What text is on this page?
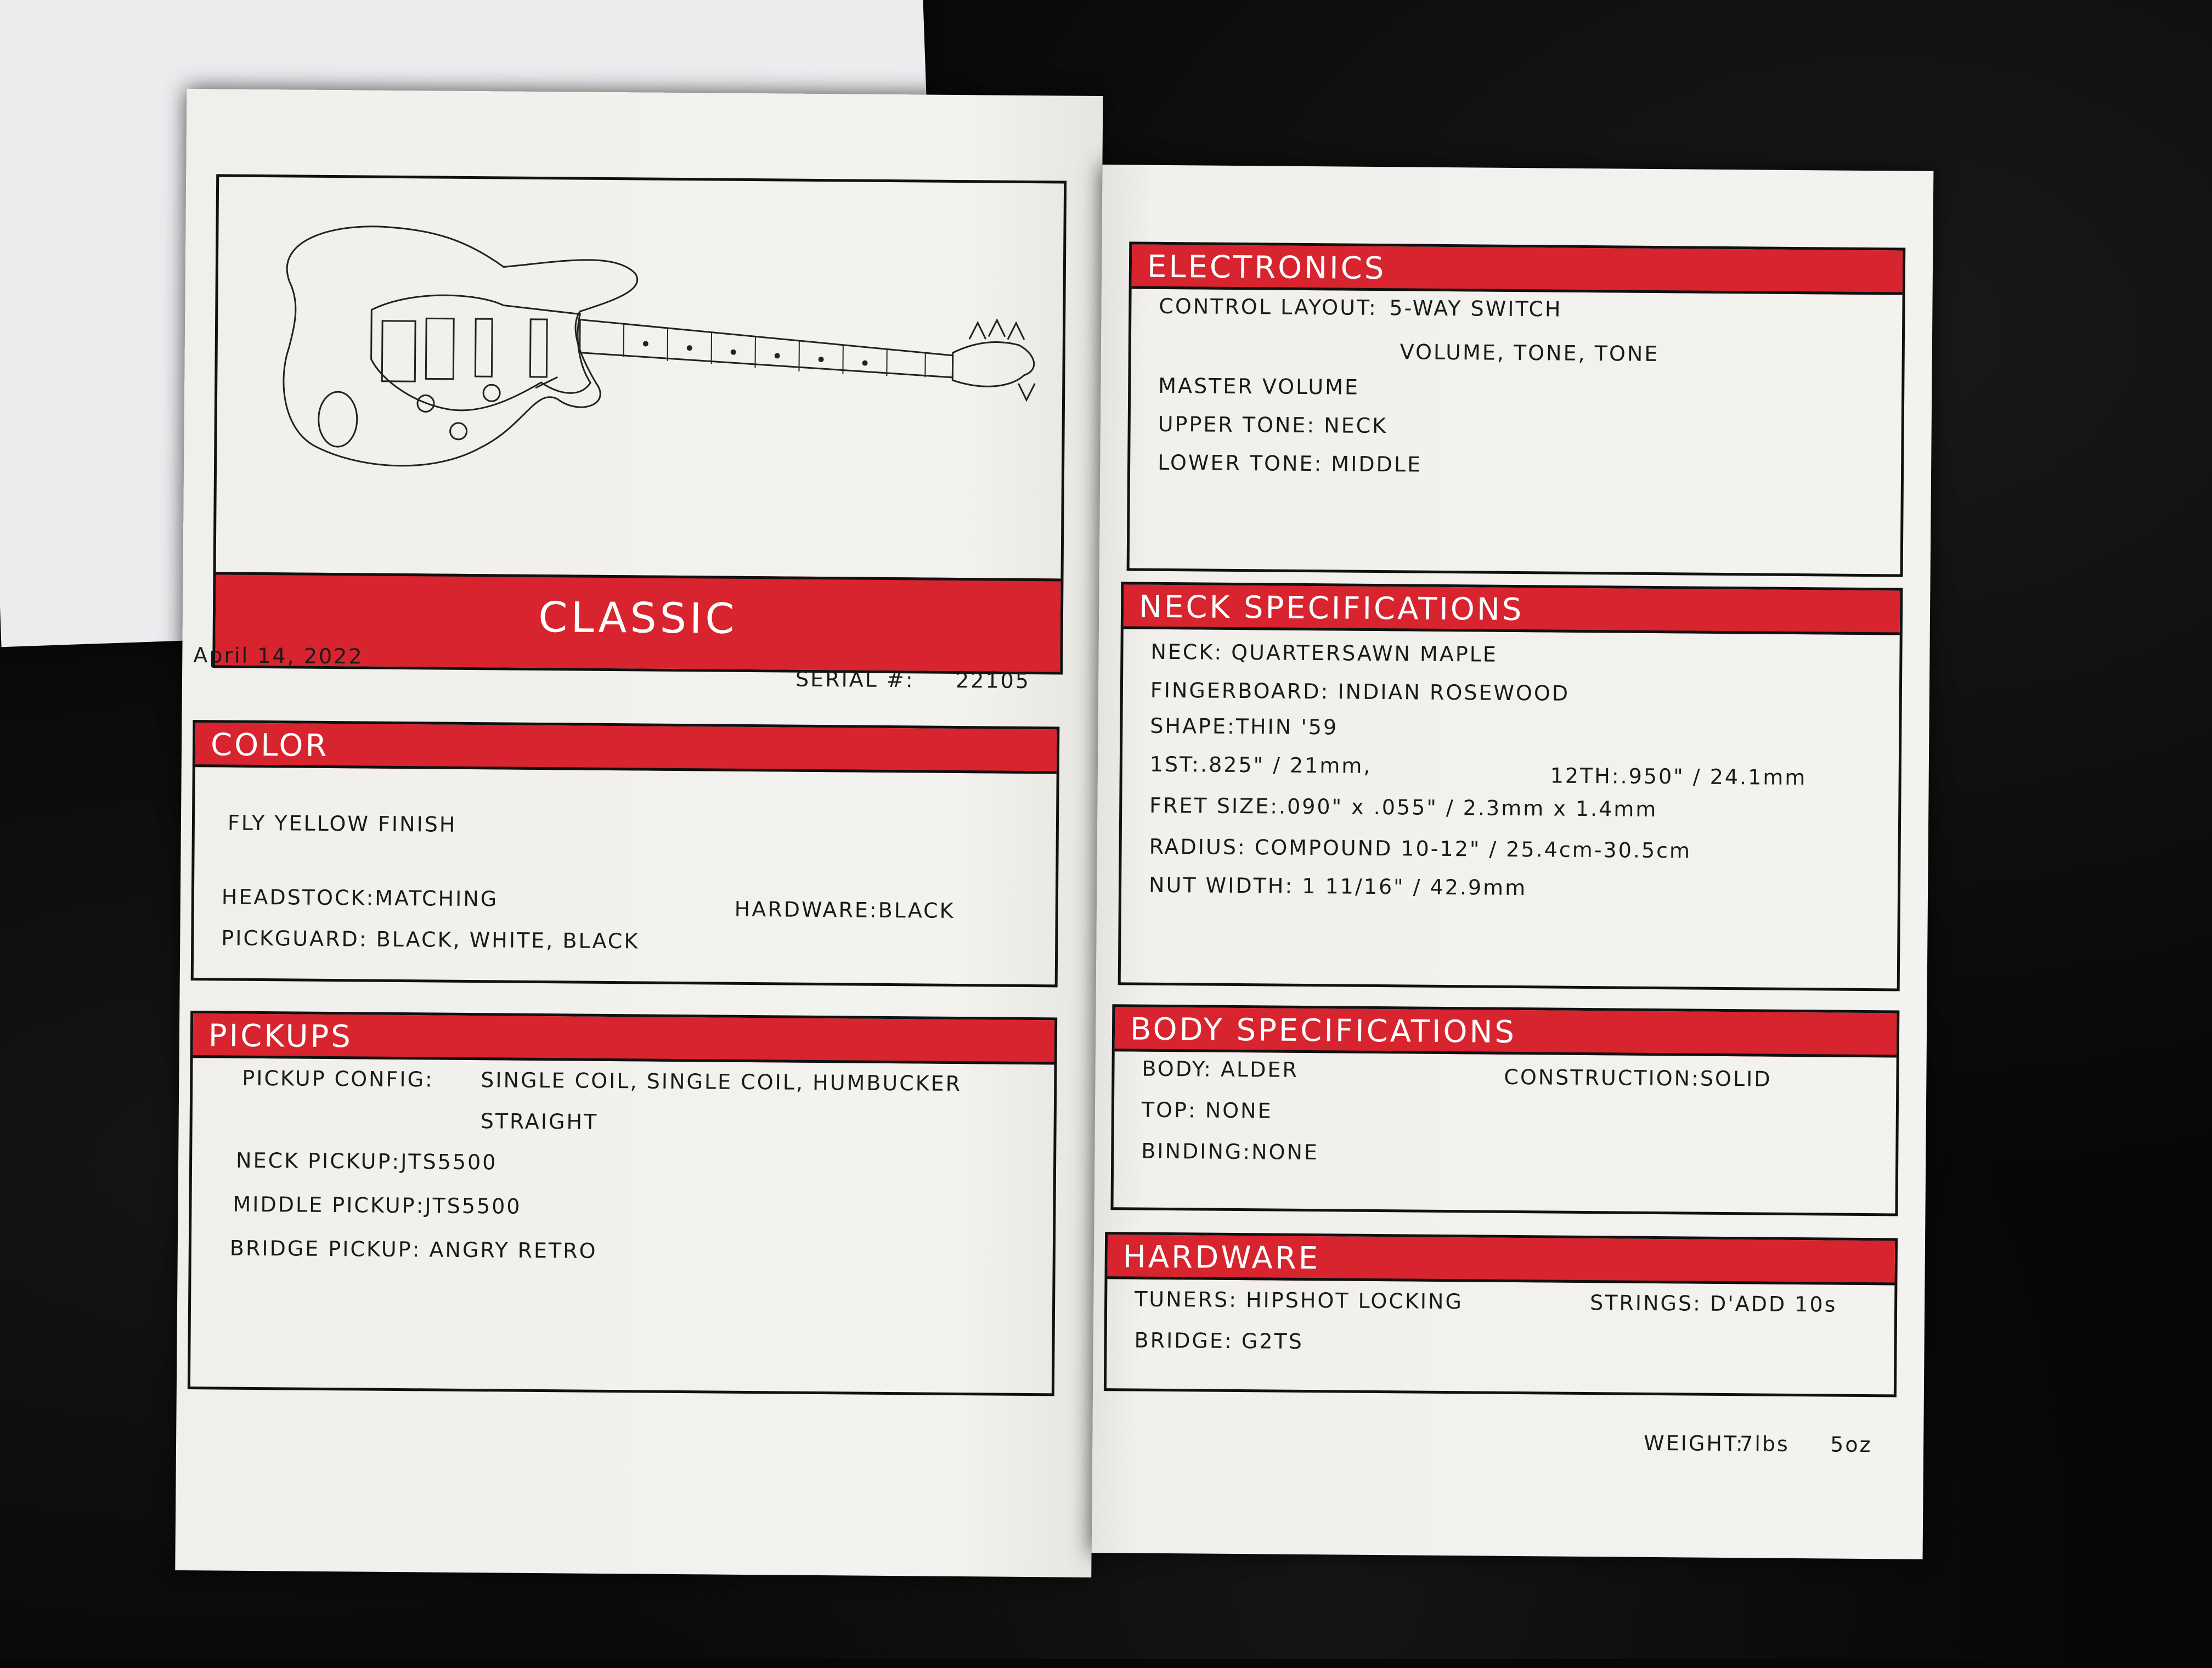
CLASSIC
April 14, 2022
SERIAL #: 22105
COLOR
FLY YELLOW FINISH
HEADSTOCK:MATCHING	HARDWARE:BLACK
PICKGUARD: BLACK, WHITE, BLACK
PICKUPS
PICKUP CONFIG: SINGLE COIL, SINGLE COIL, HUMBUCKER
STRAIGHT
NECK PICKUP:JTS5500
MIDDLE PICKUP:JTS5500
BRIDGE PICKUP: ANGRY RETRO
ELECTRONICS
CONTROL LAYOUT: 5-WAY SWITCH
VOLUME, TONE, TONE
MASTER VOLUME
UPPER TONE: NECK
LOWER TONE: MIDDLE
NECK SPECIFICATIONS
NECK: QUARTERSAWN MAPLE
FINGERBOARD: INDIAN ROSEWOOD
SHAPE:THIN '59
1ST:.825" / 21mm,	12TH:.950" / 24.1mm
FRET SIZE:.090" x .055" / 2.3mm x 1.4mm
RADIUS: COMPOUND 10-12" / 25.4cm-30.5cm
NUT WIDTH: 1 11/16" / 42.9mm
BODY SPECIFICATIONS
BODY: ALDER	CONSTRUCTION:SOLID
TOP: NONE
BINDING:NONE
HARDWARE
TUNERS: HIPSHOT LOCKING	STRINGS: D'ADD 10s
BRIDGE: G2TS
WEIGHT:
7lbs 5oz
